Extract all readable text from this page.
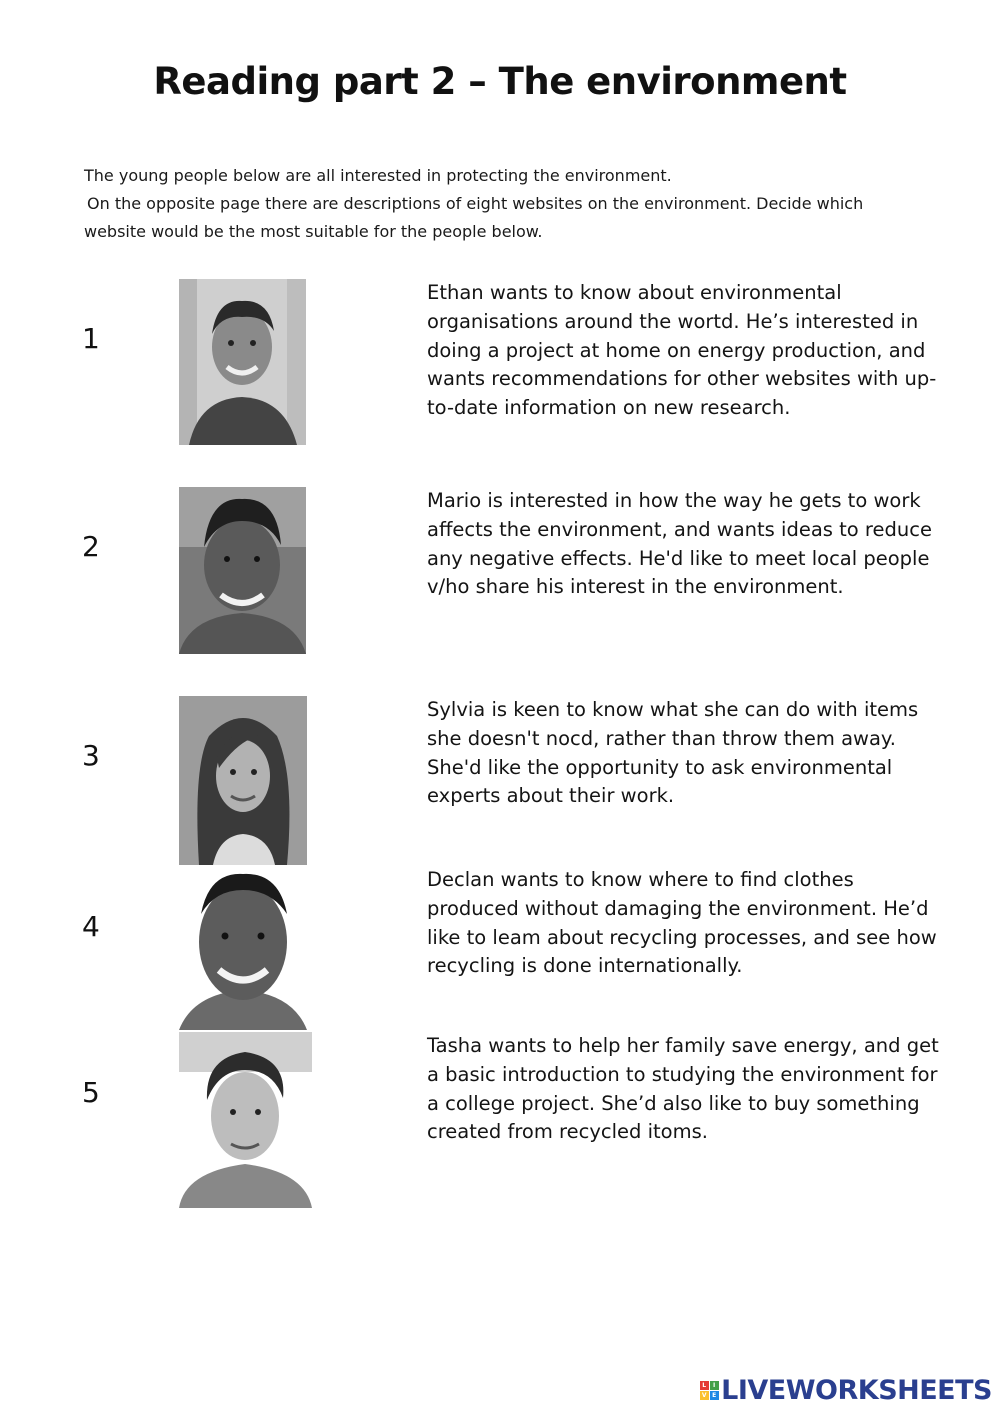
Reading part 2 – The environment

The young people below are all interested in protecting the environment.

On the opposite page there are descriptions of eight websites on the environment. Decide which

website would be the most suitable for the people below.

1
Ethan wants to know about environmental organisations around the wortd. He’s interested in doing a project at home on energy production, and wants recommendations for other websites with up-to-date information on new research.
2
Mario is interested in how the way he gets to work affects the environment, and wants ideas to reduce any negative effects. He'd like to meet local people v/ho share his interest in the environment.
3
Sylvia is keen to know what she can do with items she doesn't nocd, rather than throw them away. She'd like the opportunity to ask environmental experts about their work.
4
Declan wants to know where to find clothes produced without damaging the environment. He’d like to leam about recycling processes, and see how recycling is done internationally.
5
Tasha wants to help her family save energy, and get a basic introduction to studying the environment for a college project. She’d also like to buy something created from recycled itoms.
L	I
V E LIVEWORKSHEETS
